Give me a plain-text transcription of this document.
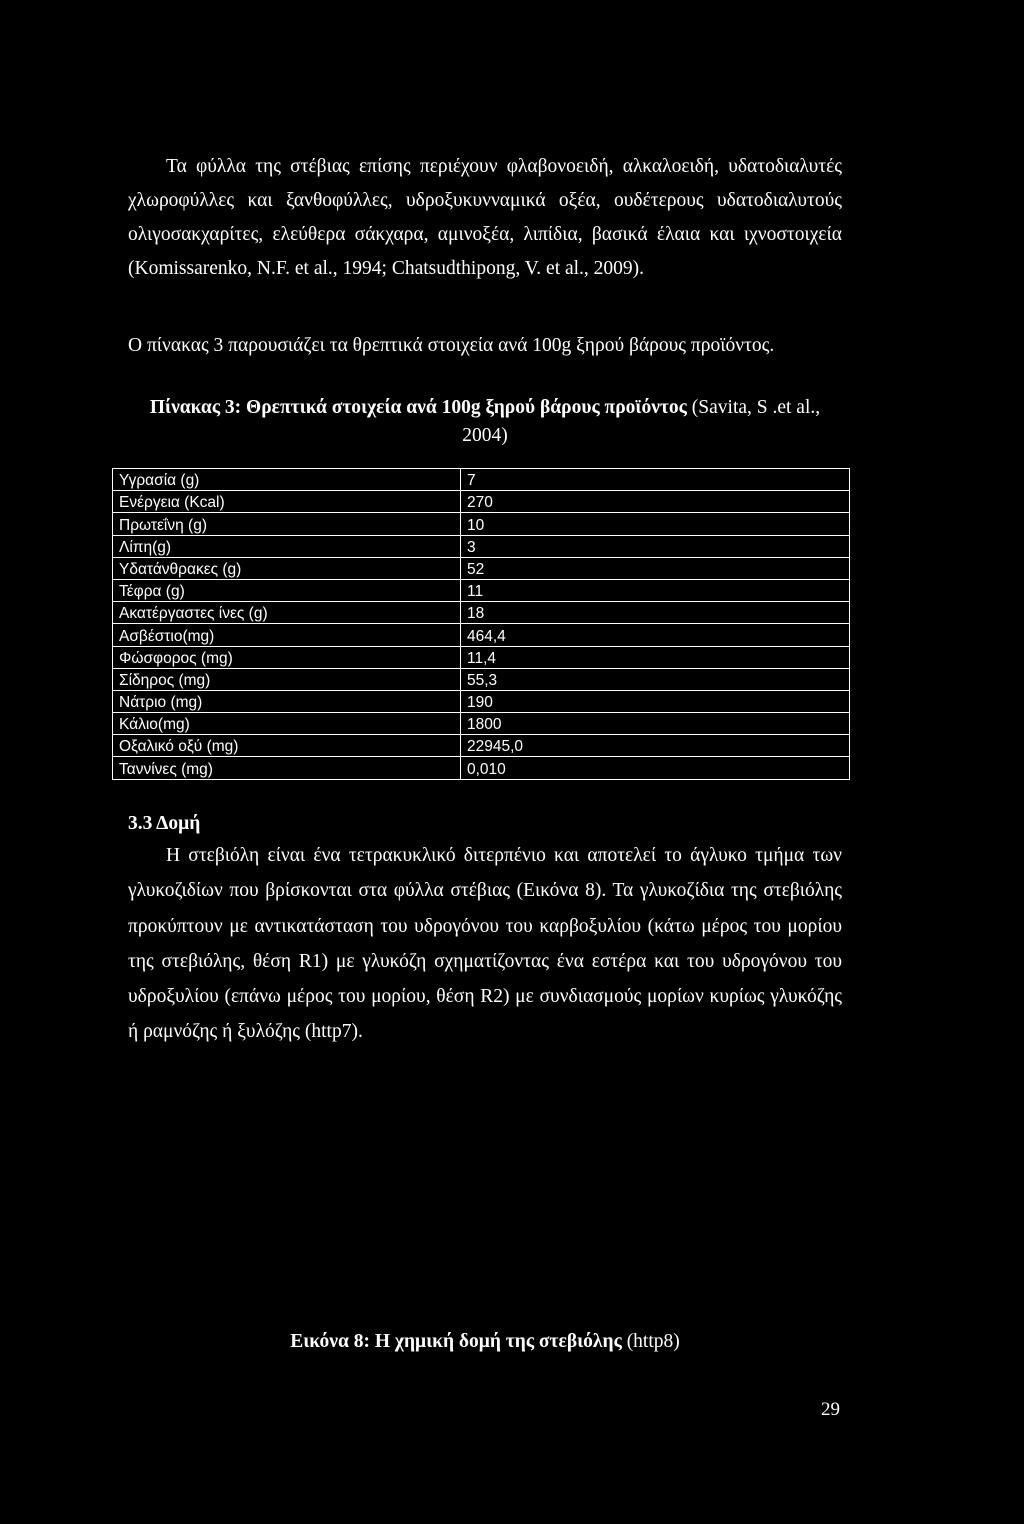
Τα φύλλα της στέβιας επίσης περιέχουν φλαβονοειδή, αλκαλοειδή, υδατοδιαλυτές χλωροφύλλες και ξανθοφύλλες, υδροξυκυνναμικά οξέα, ουδέτερους υδατοδιαλυτούς ολιγοσακχαρίτες, ελεύθερα σάκχαρα, αμινοξέα, λιπίδια, βασικά έλαια και ιχνοστοιχεία (Komissarenko, N.F. et al., 1994; Chatsudthipong, V. et al., 2009).
Ο πίνακας 3 παρουσιάζει τα θρεπτικά στοιχεία ανά 100g ξηρού βάρους προϊόντος.
Πίνακας 3: Θρεπτικά στοιχεία ανά 100g ξηρού βάρους προϊόντος (Savita, S .et al., 2004)
Υγρασία (g)	7
Ενέργεια (Kcal)	270
Πρωτεΐνη (g)	10
Λίπη(g)	3
Υδατάνθρακες (g)	52
Τέφρα (g)	11
Ακατέργαστες ίνες (g)	18
Ασβέστιο(mg)	464,4
Φώσφορος (mg)	11,4
Σίδηρος (mg)	55,3
Νάτριο (mg)	190
Κάλιο(mg)	1800
Οξαλικό οξύ (mg)	22945,0
Ταννίνες (mg)	0,010
3.3 Δομή
Η στεβιόλη είναι ένα τετρακυκλικό διτερπένιο και αποτελεί το άγλυκο τμήμα των γλυκοζιδίων που βρίσκονται στα φύλλα στέβιας (Εικόνα 8). Τα γλυκοζίδια της στεβιόλης προκύπτουν με αντικατάσταση του υδρογόνου του καρβοξυλίου (κάτω μέρος του μορίου της στεβιόλης, θέση R1) με γλυκόζη σχηματίζοντας ένα εστέρα και του υδρογόνου του υδροξυλίου (επάνω μέρος του μορίου, θέση R2) με συνδιασμούς μορίων κυρίως γλυκόζης ή ραμνόζης ή ξυλόζης (http7).
Εικόνα 8: Η χημική δομή της στεβιόλης (http8)
29
